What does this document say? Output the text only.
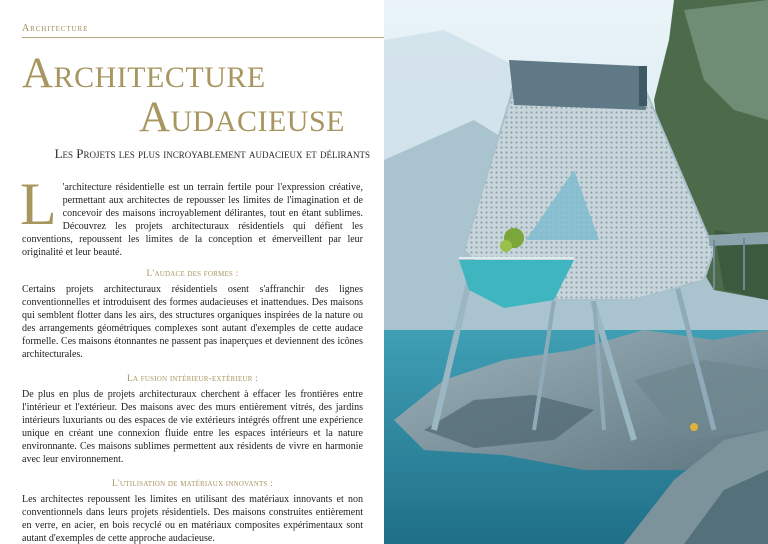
Architecture
Architecture
Audacieuse
Les Projets les plus incroyablement audacieux et délirants
L 'architecture résidentielle est un terrain fertile pour l'expression créative, permettant aux architectes de repousser les limites de l'imagination et de concevoir des maisons incroyablement délirantes, tout en étant sublimes. Découvrez les projets architecturaux résidentiels qui défient les conventions, repoussent les limites de la conception et émerveillent par leur originalité et leur beauté.
L'audace des formes :
Certains projets architecturaux résidentiels osent s'affranchir des lignes conventionnelles et introduisent des formes audacieuses et inattendues. Des maisons qui semblent flotter dans les airs, des structures organiques inspirées de la nature ou des arrangements géométriques complexes sont autant d'exemples de cette audace formelle. Ces maisons étonnantes ne passent pas inaperçues et deviennent des icônes architecturales.
La fusion intérieur-extérieur :
De plus en plus de projets architecturaux cherchent à effacer les frontières entre l'intérieur et l'extérieur. Des maisons avec des murs entièrement vitrés, des jardins intérieurs luxuriants ou des espaces de vie extérieurs intégrés offrent une expérience unique en créant une connexion fluide entre les espaces intérieurs et la nature environnante. Ces maisons sublimes permettent aux résidents de vivre en harmonie avec leur environnement.
L'utilisation de matériaux innovants :
Les architectes repoussent les limites en utilisant des matériaux innovants et non conventionnels dans leurs projets résidentiels. Des maisons construites entièrement en verre, en acier, en bois recyclé ou en matériaux composites expérimentaux sont autant d'exemples de cette approche audacieuse.
